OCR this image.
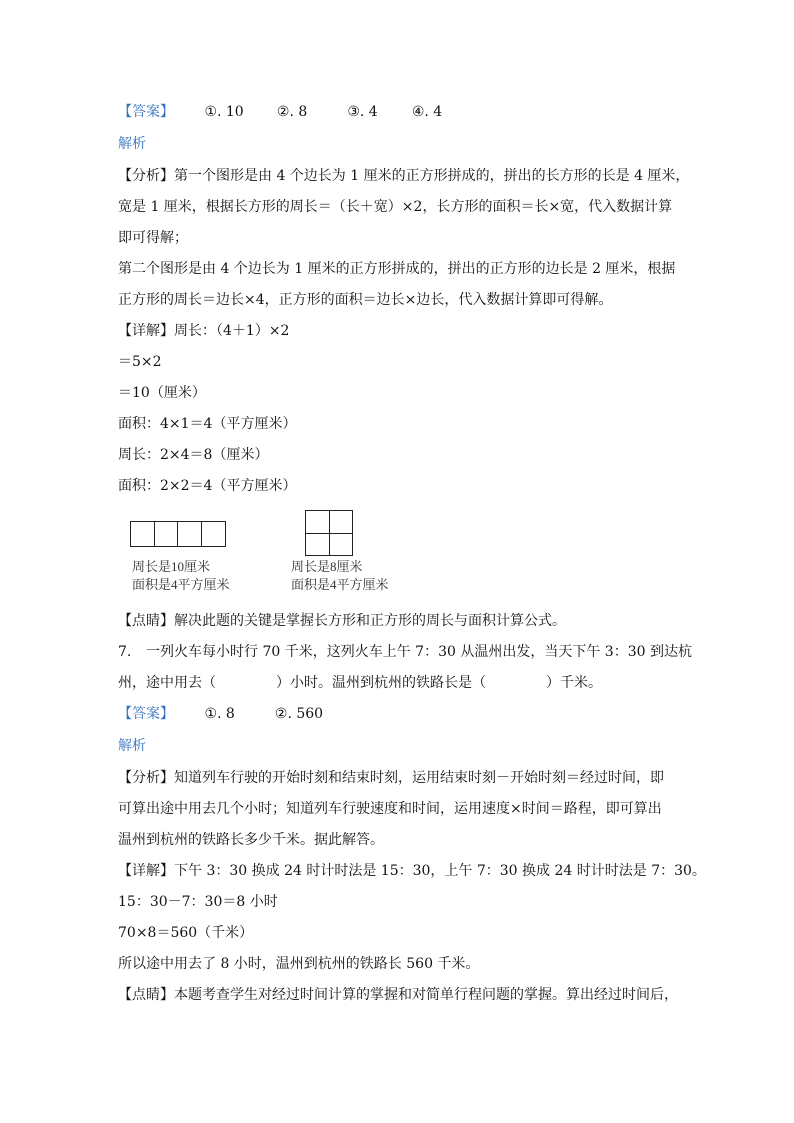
【答案】 ①. 10 ②. 8	③. 4 ④. 4
解析
【分析】第一个图形是由 4 个边长为 1 厘米的正方形拼成的，拼出的长方形的长是 4 厘米，
宽是 1 厘米，根据长方形的周长＝（长＋宽）×2，长方形的面积＝长×宽，代入数据计算
即可得解；
第二个图形是由 4 个边长为 1 厘米的正方形拼成的，拼出的正方形的边长是 2 厘米，根据
正方形的周长＝边长×4，正方形的面积＝边长×边长，代入数据计算即可得解。
【详解】周长：（4＋1）×2
＝5×2
＝10（厘米）
面积：4×1＝4（平方厘米）
周长：2×4＝8（厘米）
面积：2×2＝4（平方厘米）
周长是10厘米
面积是4平方厘米
周长是8厘米
面积是4平方厘米
【点睛】解决此题的关键是掌握长方形和正方形的周长与面积计算公式。
7. 一列火车每小时行 70 千米，这列火车上午 7：30 从温州出发，当天下午 3：30 到达杭
州，途中用去（	）小时。温州到杭州的铁路长是（	）千米。
【答案】 ①. 8	②. 560
解析
【分析】知道列车行驶的开始时刻和结束时刻，运用结束时刻－开始时刻＝经过时间，即
可算出途中用去几个小时；知道列车行驶速度和时间，运用速度×时间＝路程，即可算出
温州到杭州的铁路长多少千米。据此解答。
【详解】下午 3：30 换成 24 时计时法是 15：30，上午 7：30 换成 24 时计时法是 7：30。
15：30－7：30＝8 小时
70×8＝560（千米）
所以途中用去了 8 小时，温州到杭州的铁路长 560 千米。
【点睛】本题考查学生对经过时间计算的掌握和对简单行程问题的掌握。算出经过时间后，
